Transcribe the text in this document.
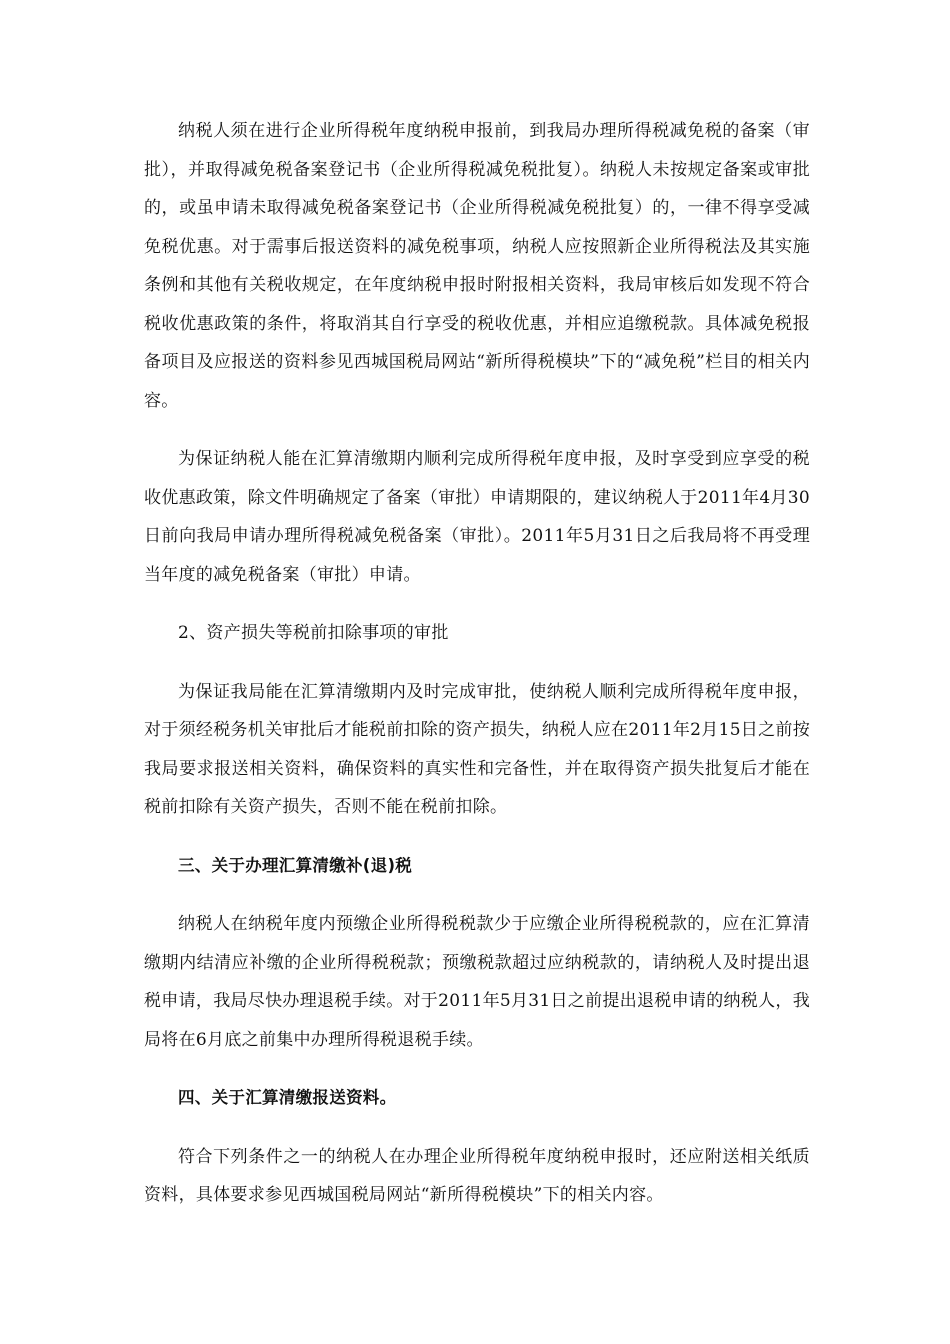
纳税人须在进行企业所得税年度纳税申报前，到我局办理所得税减免税的备案（审批），并取得减免税备案登记书（企业所得税减免税批复）。纳税人未按规定备案或审批的，或虽申请未取得减免税备案登记书（企业所得税减免税批复）的，一律不得享受减免税优惠。对于需事后报送资料的减免税事项，纳税人应按照新企业所得税法及其实施条例和其他有关税收规定，在年度纳税申报时附报相关资料，我局审核后如发现不符合税收优惠政策的条件，将取消其自行享受的税收优惠，并相应追缴税款。具体减免税报备项目及应报送的资料参见西城国税局网站“新所得税模块”下的“减免税”栏目的相关内容。

为保证纳税人能在汇算清缴期内顺利完成所得税年度申报，及时享受到应享受的税收优惠政策，除文件明确规定了备案（审批）申请期限的，建议纳税人于2011年4月30日前向我局申请办理所得税减免税备案（审批）。2011年5月31日之后我局将不再受理当年度的减免税备案（审批）申请。

2、资产损失等税前扣除事项的审批

为保证我局能在汇算清缴期内及时完成审批，使纳税人顺利完成所得税年度申报，对于须经税务机关审批后才能税前扣除的资产损失，纳税人应在2011年2月15日之前按我局要求报送相关资料，确保资料的真实性和完备性，并在取得资产损失批复后才能在税前扣除有关资产损失，否则不能在税前扣除。

三、关于办理汇算清缴补(退)税

纳税人在纳税年度内预缴企业所得税税款少于应缴企业所得税税款的，应在汇算清缴期内结清应补缴的企业所得税税款；预缴税款超过应纳税款的，请纳税人及时提出退税申请，我局尽快办理退税手续。对于2011年5月31日之前提出退税申请的纳税人，我局将在6月底之前集中办理所得税退税手续。

四、关于汇算清缴报送资料。

符合下列条件之一的纳税人在办理企业所得税年度纳税申报时，还应附送相关纸质资料，具体要求参见西城国税局网站“新所得税模块”下的相关内容。
